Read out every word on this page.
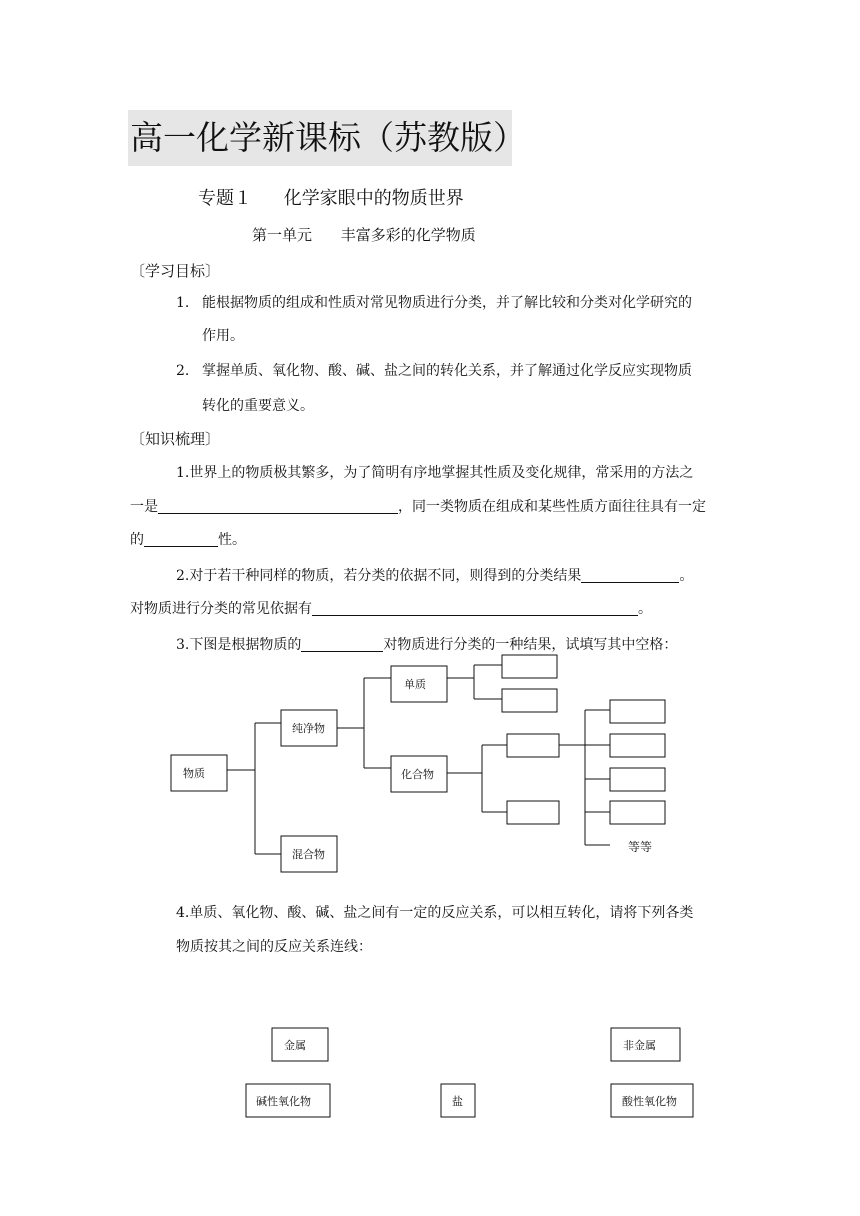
高一化学新课标（苏教版）
专题１ 化学家眼中的物质世界
第一单元 丰富多彩的化学物质
〔学习目标〕
1. 能根据物质的组成和性质对常见物质进行分类，并了解比较和分类对化学研究的
作用。
2. 掌握单质、氧化物、酸、碱、盐之间的转化关系，并了解通过化学反应实现物质
转化的重要意义。
〔知识梳理〕
1.世界上的物质极其繁多，为了简明有序地掌握其性质及变化规律，常采用的方法之
一是	，同一类物质在组成和某些性质方面往往具有一定
的	性。
2.对于若干种同样的物质，若分类的依据不同，则得到的分类结果	。
对物质进行分类的常见依据有	。
3.下图是根据物质的	对物质进行分类的一种结果，试填写其中空格：
物质
纯净物
混合物
单质
化合物
等等
金属	非金属
碱性氧化物	盐	酸性氧化物
4.单质、氧化物、酸、碱、盐之间有一定的反应关系，可以相互转化，请将下列各类
物质按其之间的反应关系连线：
